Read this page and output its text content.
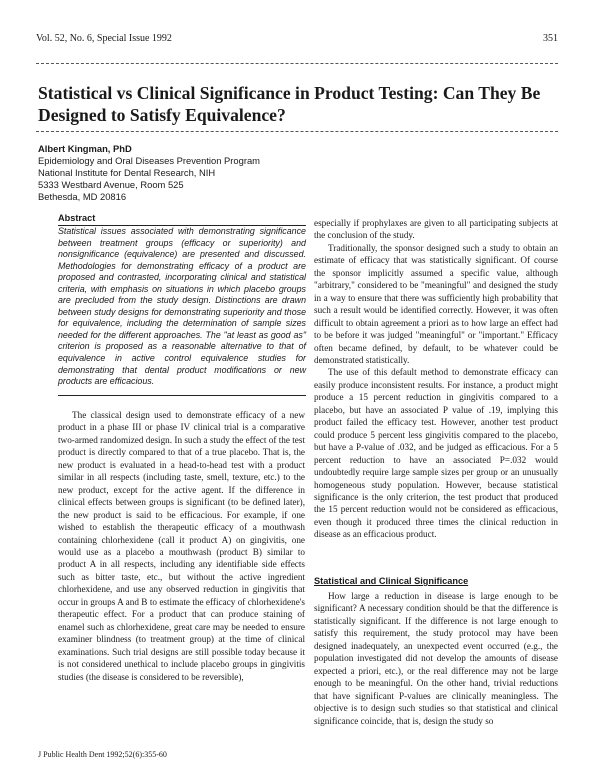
Vol. 52, No. 6, Special Issue 1992	351
Statistical vs Clinical Significance in Product Testing: Can They Be Designed to Satisfy Equivalence?
Albert Kingman, PhD
Epidemiology and Oral Diseases Prevention Program
National Institute for Dental Research, NIH
5333 Westbard Avenue, Room 525
Bethesda, MD 20816
Abstract
Statistical issues associated with demonstrating significance between treatment groups (efficacy or superiority) and nonsignificance (equivalence) are presented and discussed. Methodologies for demonstrating efficacy of a product are proposed and contrasted, incorporating clinical and statistical criteria, with emphasis on situations in which placebo groups are precluded from the study design. Distinctions are drawn between study designs for demonstrating superiority and those for equivalence, including the determination of sample sizes needed for the different approaches. The "at least as good as" criterion is proposed as a reasonable alternative to that of equivalence in active control equivalence studies for demonstrating that dental product modifications or new products are efficacious.

The classical design used to demonstrate efficacy of a new product in a phase III or phase IV clinical trial is a comparative two-armed randomized design. In such a study the effect of the test product is directly compared to that of a true placebo. That is, the new product is evaluated in a head-to-head test with a product similar in all respects (including taste, smell, texture, etc.) to the new product, except for the active agent. If the difference in clinical effects between groups is significant (to be defined later), the new product is said to be efficacious. For example, if one wished to establish the therapeutic efficacy of a mouthwash containing chlorhexidene (call it product A) on gingivitis, one would use as a placebo a mouthwash (product B) similar to product A in all respects, including any identifiable side effects such as bitter taste, etc., but without the active ingredient chlorhexidene, and use any observed reduction in gingivitis that occur in groups A and B to estimate the efficacy of chlorhexidene's therapeutic effect. For a product that can produce staining of enamel such as chlorhexidene, great care may be needed to ensure examiner blindness (to treatment group) at the time of clinical examinations. Such trial designs are still possible today because it is not considered unethical to include placebo groups in gingivitis studies (the disease is considered to be reversible),

especially if prophylaxes are given to all participating subjects at the conclusion of the study.

Traditionally, the sponsor designed such a study to obtain an estimate of efficacy that was statistically significant. Of course the sponsor implicitly assumed a specific value, although "arbitrary," considered to be "meaningful" and designed the study in a way to ensure that there was sufficiently high probability that such a result would be identified correctly. However, it was often difficult to obtain agreement a priori as to how large an effect had to be before it was judged "meaningful" or "important." Efficacy often became defined, by default, to be whatever could be demonstrated statistically.

The use of this default method to demonstrate efficacy can easily produce inconsistent results. For instance, a product might produce a 15 percent reduction in gingivitis compared to a placebo, but have an associated P value of .19, implying this product failed the efficacy test. However, another test product could produce 5 percent less gingivitis compared to the placebo, but have a P-value of .032, and be judged as efficacious. For a 5 percent reduction to have an associated P=.032 would undoubtedly require large sample sizes per group or an unusually homogeneous study population. However, because statistical significance is the only criterion, the test product that produced the 15 percent reduction would not be considered as efficacious, even though it produced three times the clinical reduction in disease as an efficacious product.

Statistical and Clinical Significance

How large a reduction in disease is large enough to be significant? A necessary condition should be that the difference is statistically significant. If the difference is not large enough to satisfy this requirement, the study protocol may have been designed inadequately, an unexpected event occurred (e.g., the population investigated did not develop the amounts of disease expected a priori, etc.), or the real difference may not be large enough to be meaningful. On the other hand, trivial reductions that have significant P-values are clinically meaningless. The objective is to design such studies so that statistical and clinical significance coincide, that is, design the study so

J Public Health Dent 1992;52(6):355-60
